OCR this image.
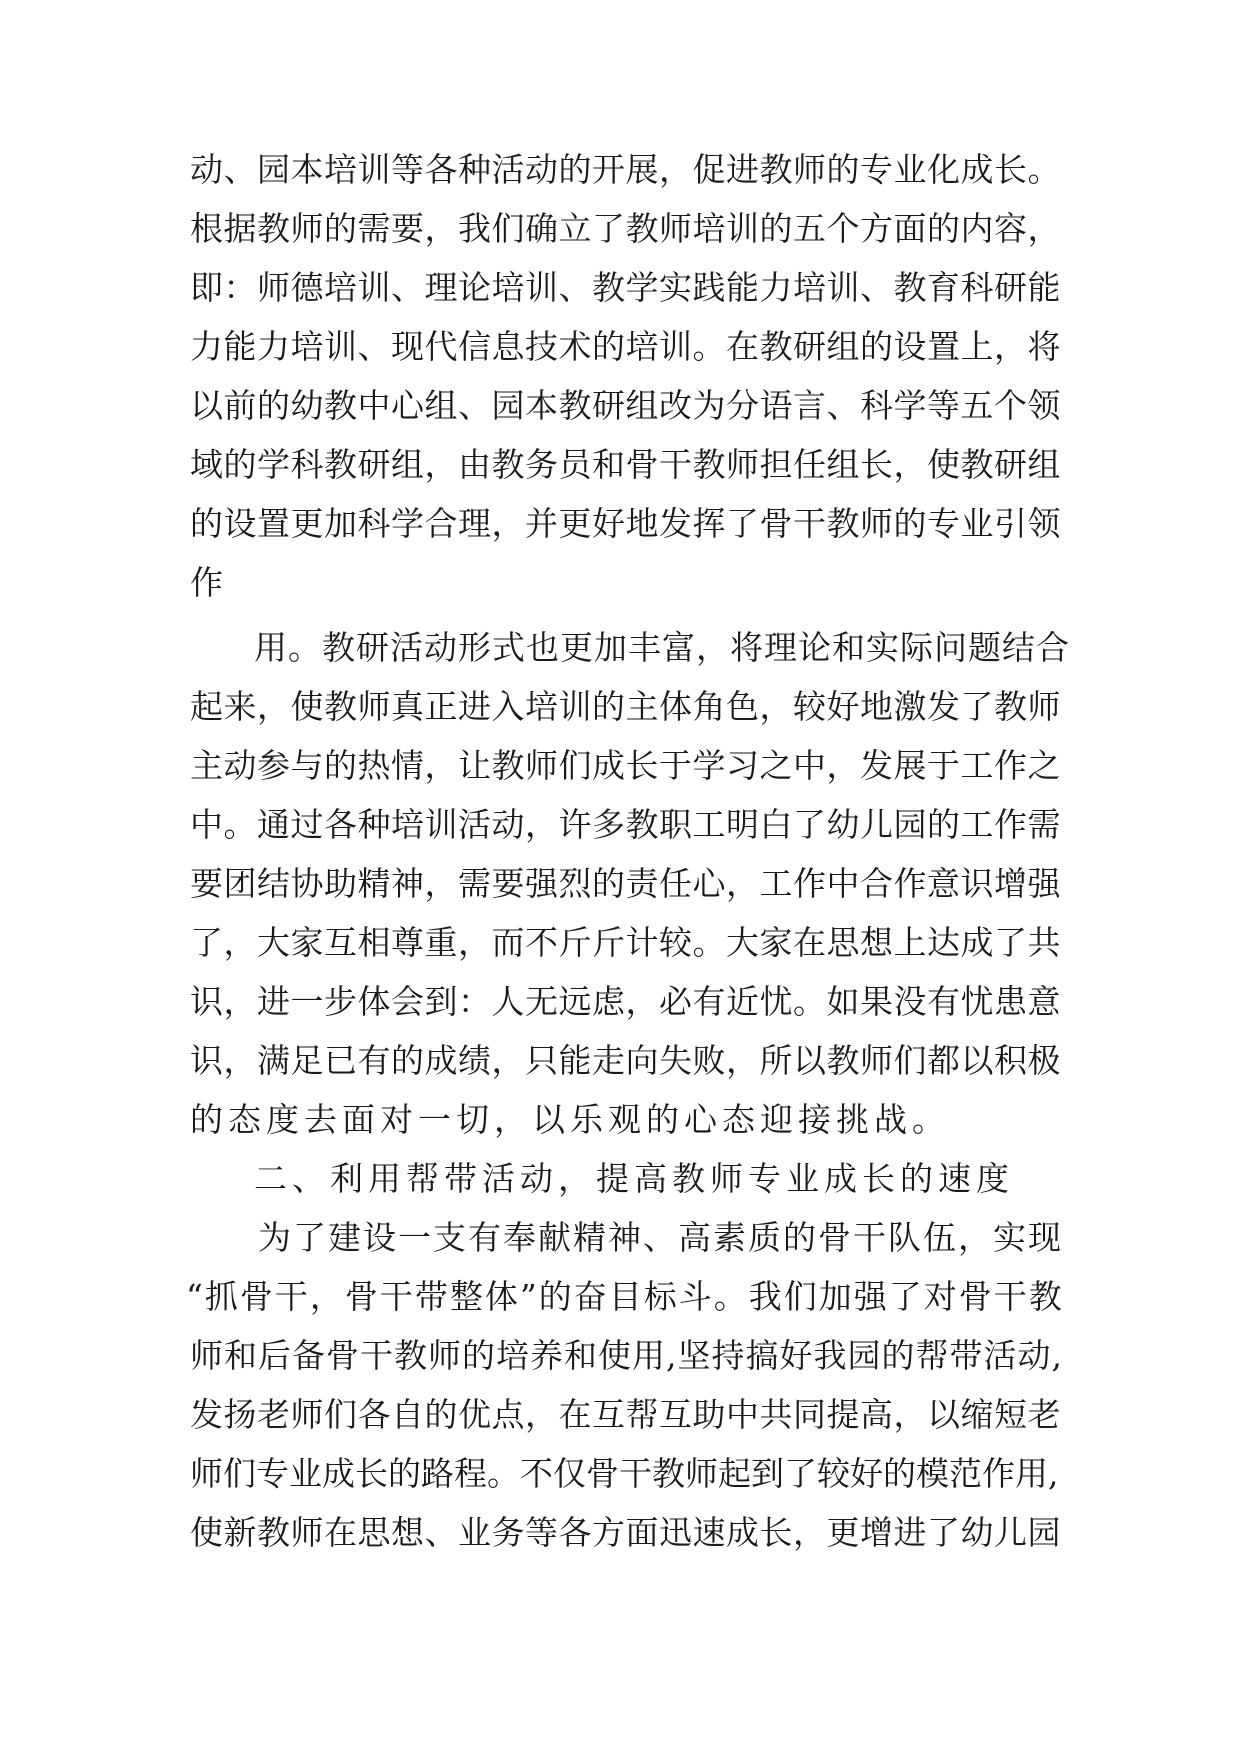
动、园本培训等各种活动的开展，促进教师的专业化成长。
根据教师的需要，我们确立了教师培训的五个方面的内容，
即：师德培训、理论培训、教学实践能力培训、教育科研能
力能力培训、现代信息技术的培训。在教研组的设置上，将
以前的幼教中心组、园本教研组改为分语言、科学等五个领
域的学科教研组，由教务员和骨干教师担任组长，使教研组
的设置更加科学合理，并更好地发挥了骨干教师的专业引领
作
用。教研活动形式也更加丰富，将理论和实际问题结合
起来，使教师真正进入培训的主体角色，较好地激发了教师
主动参与的热情，让教师们成长于学习之中，发展于工作之
中。通过各种培训活动，许多教职工明白了幼儿园的工作需
要团结协助精神，需要强烈的责任心，工作中合作意识增强
了，大家互相尊重，而不斤斤计较。大家在思想上达成了共
识，进一步体会到：人无远虑，必有近忧。如果没有忧患意
识，满足已有的成绩，只能走向失败，所以教师们都以积极
的态度去面对一切，以乐观的心态迎接挑战。
二、利用帮带活动，提高教师专业成长的速度
为了建设一支有奉献精神、高素质的骨干队伍，实现
“抓骨干，骨干带整体”的奋目标斗。我们加强了对骨干教
师和后备骨干教师的培养和使用,坚持搞好我园的帮带活动,
发扬老师们各自的优点，在互帮互助中共同提高，以缩短老
师们专业成长的路程。不仅骨干教师起到了较好的模范作用,
使新教师在思想、业务等各方面迅速成长，更增进了幼儿园
